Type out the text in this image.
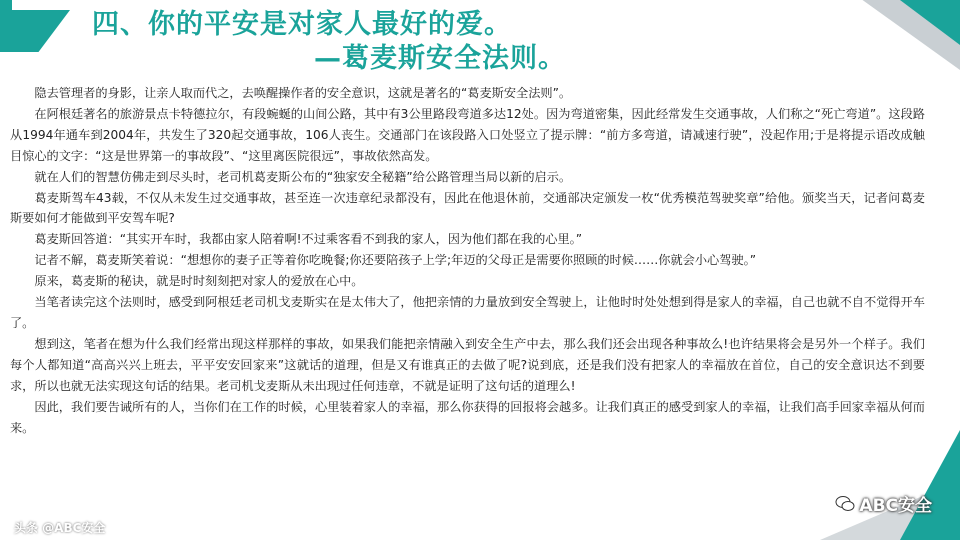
四、你的平安是对家人最好的爱。
—葛麦斯安全法则。

隐去管理者的身影，让亲人取而代之，去唤醒操作者的安全意识，这就是著名的“葛麦斯安全法则”。

在阿根廷著名的旅游景点卡特德拉尔，有段蜿蜒的山间公路，其中有3公里路段弯道多达12处。因为弯道密集，因此经常发生交通事故，人们称之“死亡弯道”。这段路从1994年通车到2004年，共发生了320起交通事故，106人丧生。交通部门在该段路入口处竖立了提示牌：“前方多弯道，请减速行驶”，没起作用;于是将提示语改成触目惊心的文字：“这是世界第一的事故段”、“这里离医院很远”，事故依然高发。

就在人们的智慧仿佛走到尽头时，老司机葛麦斯公布的“独家安全秘籍”给公路管理当局以新的启示。

葛麦斯驾车43载，不仅从未发生过交通事故，甚至连一次违章纪录都没有，因此在他退休前，交通部决定颁发一枚“优秀模范驾驶奖章”给他。颁奖当天，记者问葛麦斯要如何才能做到平安驾车呢?

葛麦斯回答道：“其实开车时，我都由家人陪着啊!不过乘客看不到我的家人，因为他们都在我的心里。”

记者不解，葛麦斯笑着说：“想想你的妻子正等着你吃晚餐;你还要陪孩子上学;年迈的父母正是需要你照顾的时候……你就会小心驾驶。”

原来，葛麦斯的秘诀，就是时时刻刻把对家人的爱放在心中。

当笔者读完这个法则时，感受到阿根廷老司机戈麦斯实在是太伟大了，他把亲情的力量放到安全驾驶上，让他时时处处想到得是家人的幸福，自己也就不自不觉得开车了。

想到这，笔者在想为什么我们经常出现这样那样的事故，如果我们能把亲情融入到安全生产中去，那么我们还会出现各种事故么!也许结果将会是另外一个样子。我们每个人都知道“高高兴兴上班去，平平安安回家来”这就话的道理，但是又有谁真正的去做了呢?说到底，还是我们没有把家人的幸福放在首位，自己的安全意识达不到要求，所以也就无法实现这句话的结果。老司机戈麦斯从未出现过任何违章，不就是证明了这句话的道理么!

因此，我们要告诫所有的人，当你们在工作的时候，心里装着家人的幸福，那么你获得的回报将会越多。让我们真正的感受到家人的幸福，让我们高手回家幸福从何而来。

ABC安全
头条 @ABC安全
